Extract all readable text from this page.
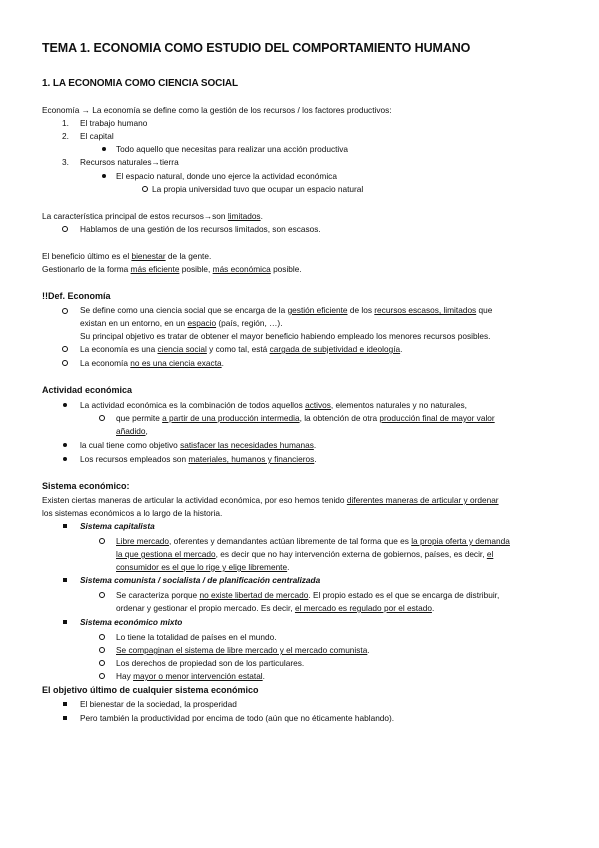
TEMA 1. ECONOMIA COMO ESTUDIO DEL COMPORTAMIENTO HUMANO
1. LA ECONOMIA COMO CIENCIA SOCIAL
Economía → La economía se define como la gestión de los recursos / los factores productivos:
1. El trabajo humano
2. El capital
Todo aquello que necesitas para realizar una acción productiva
3. Recursos naturales→tierra
El espacio natural, donde uno ejerce la actividad económica
La propia universidad tuvo que ocupar un espacio natural
La característica principal de estos recursos→son limitados.
Hablamos de una gestión de los recursos limitados, son escasos.
El beneficio último es el bienestar de la gente.
Gestionarlo de la forma más eficiente posible, más económica posible.
!!Def. Economía
Se define como una ciencia social que se encarga de la gestión eficiente de los recursos escasos, limitados que
existan en un entorno, en un espacio (país, región, …).
Su principal objetivo es tratar de obtener el mayor beneficio habiendo empleado los menores recursos posibles.
La economía es una ciencia social y como tal, está cargada de subjetividad e ideología.
La economía no es una ciencia exacta.
Actividad económica
La actividad económica es la combinación de todos aquellos activos, elementos naturales y no naturales,
que permite a partir de una producción intermedia, la obtención de otra producción final de mayor valor
añadido,
la cual tiene como objetivo satisfacer las necesidades humanas.
Los recursos empleados son materiales, humanos y financieros.
Sistema económico:
Existen ciertas maneras de articular la actividad económica, por eso hemos tenido diferentes maneras de articular y ordenar
los sistemas económicos a lo largo de la historia.
Sistema capitalista
Libre mercado, oferentes y demandantes actúan libremente de tal forma que es la propia oferta y demanda
la que gestiona el mercado, es decir que no hay intervención externa de gobiernos, países, es decir, el
consumidor es el que lo rige y elige libremente.
Sistema comunista / socialista / de planificación centralizada
Se caracteriza porque no existe libertad de mercado. El propio estado es el que se encarga de distribuir,
ordenar y gestionar el propio mercado. Es decir, el mercado es regulado por el estado.
Sistema económico mixto
Lo tiene la totalidad de países en el mundo.
Se compaginan el sistema de libre mercado y el mercado comunista.
Los derechos de propiedad son de los particulares.
Hay mayor o menor intervención estatal.
El objetivo último de cualquier sistema económico
El bienestar de la sociedad, la prosperidad
Pero también la productividad por encima de todo (aún que no éticamente hablando).
